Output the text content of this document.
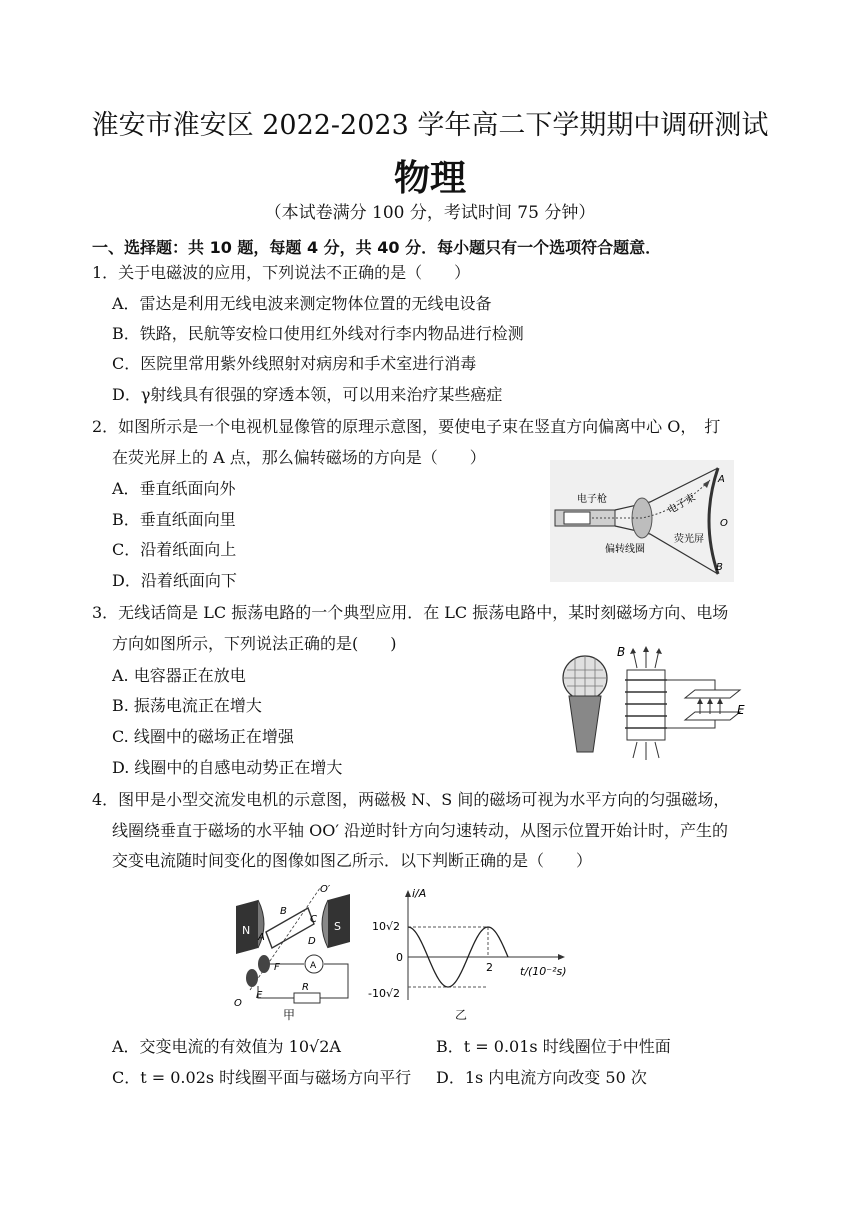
淮安市淮安区 2022-2023 学年高二下学期期中调研测试
物理
（本试卷满分 100 分，考试时间 75 分钟）
一、选择题：共 10 题，每题 4 分，共 40 分．每小题只有一个选项符合题意．
1．关于电磁波的应用，下列说法不正确的是（　　）
A．雷达是利用无线电波来测定物体位置的无线电设备
B．铁路，民航等安检口使用红外线对行李内物品进行检测
C．医院里常用紫外线照射对病房和手术室进行消毒
D．γ射线具有很强的穿透本领，可以用来治疗某些癌症
2．如图所示是一个电视机显像管的原理示意图，要使电子束在竖直方向偏离中心 O，　打
在荧光屏上的 A 点，那么偏转磁场的方向是（　　）
A．垂直纸面向外
B．垂直纸面向里
C．沿着纸面向上
D．沿着纸面向下
电子枪	电子束
偏转线圈
荧光屏
A
O
B
3．无线话筒是 LC 振荡电路的一个典型应用．在 LC 振荡电路中，某时刻磁场方向、电场
方向如图所示，下列说法正确的是(　　)
A. 电容器正在放电
B. 振荡电流正在增大
C. 线圈中的磁场正在增强
D. 线圈中的自感电动势正在增大
B
E
4．图甲是小型交流发电机的示意图，两磁极 N、S 间的磁场可视为水平方向的匀强磁场，
线圈绕垂直于磁场的水平轴 OO′ 沿逆时针方向匀速转动，从图示位置开始计时，产生的
交变电流随时间变化的图像如图乙所示．以下判断正确的是（　　）
N	S
O′
A
B
C
D
F
O
E
A
R
甲
i/A
t/(10⁻²s)
10√2
0
-10√2
2
乙
A．交变电流的有效值为 10√2A	B．t = 0.01s 时线圈位于中性面
C．t = 0.02s 时线圈平面与磁场方向平行 D．1s 内电流方向改变 50 次
